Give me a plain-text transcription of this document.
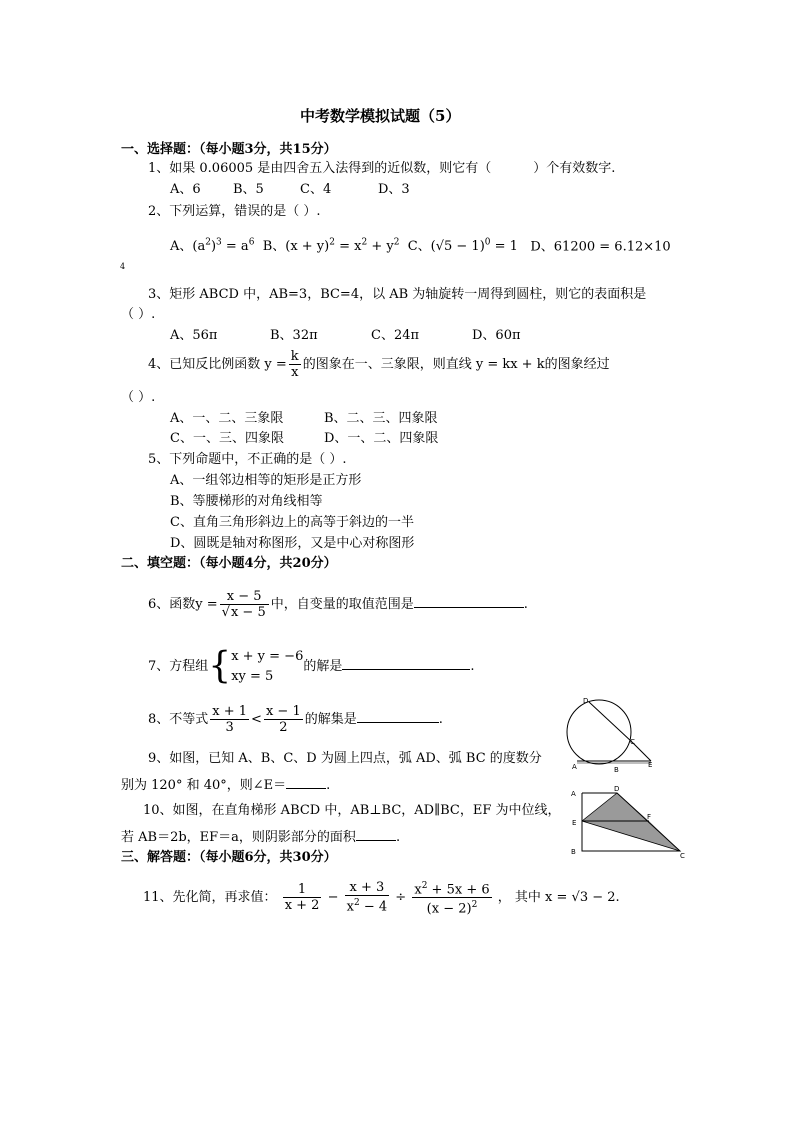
中考数学模拟试题（5）
一、选择题：（每小题3分，共15分）
1、如果 0.06005 是由四舍五入法得到的近似数，则它有（	）个有效数字.
A、6 B、5	C、4	D、3
2、下列运算，错误的是（ ）.
A、$(a^2)^3 = a^6$ B、$(x + y)^2 = x^2 + y^2$ C、$(√5 - 1)^0 = 1$ D、61200 = 6.12×10
4
3、矩形 ABCD 中，AB=3，BC=4，以 AB 为轴旋转一周得到圆柱，则它的表面积是
（ ）.
A、56π	B、32π	C、24π	D、60π
4、已知反比例函数 $y = \frac{k}{x}$ 的图象在一、三象限，则直线 y = kx + k的图象经过
（ ）.
A、一、二、三象限	B、二、三、四象限
C、一、三、四象限	D、一、二、四象限
5、下列命题中，不正确的是（ ）.
A、一组邻边相等的矩形是正方形
B、等腰梯形的对角线相等
C、直角三角形斜边上的高等于斜边的一半
D、圆既是轴对称图形，又是中心对称图形
二、填空题：（每小题4分，共20分）
6、函数$y = \frac{x - 5}{√x - 5}$ 中，自变量的取值范围是	.
7、方程组{ x + y = −6
xy = 5
的解是	.
8、不等式 $\frac{x + 1}{3} < \frac{x - 1}{2}$ 的解集是	.
9、如图，已知 A、B、C、D 为圆上四点，弧 AD、弧 BC 的度数分
别为 120° 和 40°，则∠E＝	.
10、如图，在直角梯形 ABCD 中，AB⊥BC，AD∥BC，EF 为中位线，
若 AB＝2b，EF＝a，则阴影部分的面积	.
三、解答题：（每小题6分，共30分）
11、先化简，再求值： $\frac{1}{x + 2} - \frac{x + 3}{x^2 - 4} \div \frac{x^2 + 5x + 6}{(x - 2)^2}$ ， 其中 x = √3 − 2.
D
C
A	B
E
A
D
F
E
B	C
